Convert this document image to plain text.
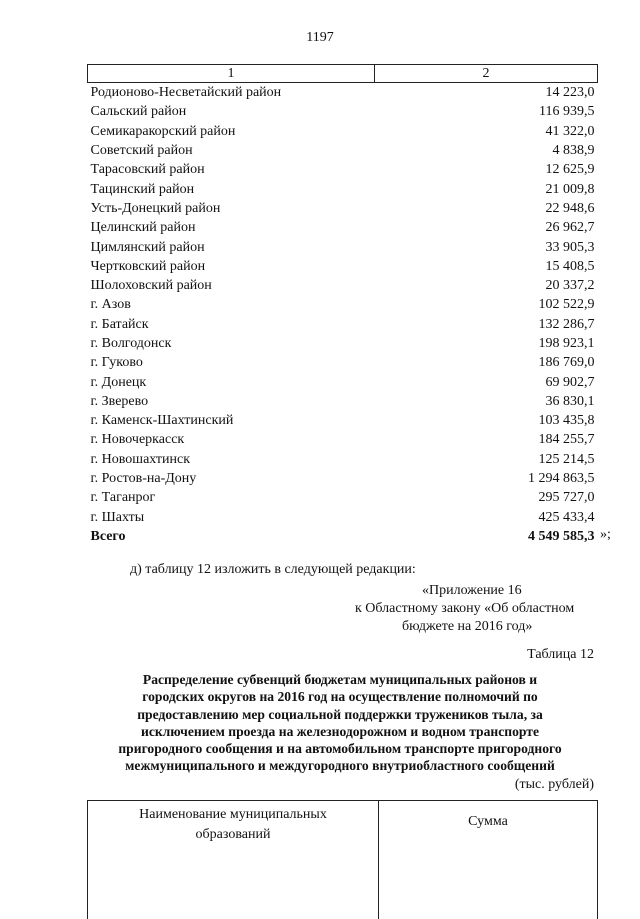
1197
1	2
Родионово-Несветайский район	14 223,0
Сальский район	116 939,5
Семикаракорский район	41 322,0
Советский район	4 838,9
Тарасовский район	12 625,9
Тацинский район	21 009,8
Усть-Донецкий район	22 948,6
Целинский район	26 962,7
Цимлянский район	33 905,3
Чертковский район	15 408,5
Шолоховский район	20 337,2
г. Азов	102 522,9
г. Батайск	132 286,7
г. Волгодонск	198 923,1
г. Гуково	186 769,0
г. Донецк	69 902,7
г. Зверево	36 830,1
г. Каменск-Шахтинский	103 435,8
г. Новочеркасск	184 255,7
г. Новошахтинск	125 214,5
г. Ростов-на-Дону	1 294 863,5
г. Таганрог	295 727,0
г. Шахты	425 433,4
Всего	4 549 585,3 »;
д) таблицу 12 изложить в следующей редакции:
«Приложение 16
к Областному закону «Об областном
бюджете на 2016 год»
Таблица 12
Распределение субвенций бюджетам муниципальных районов и
городских округов на 2016 год на осуществление полномочий по
предоставлению мер социальной поддержки тружеников тыла, за
исключением проезда на железнодорожном и водном транспорте
пригородного сообщения и на автомобильном транспорте пригородного
межмуниципального и междугородного внутриобластного сообщений
(тыс. рублей)
Наименование муниципальных
образований
	Сумма
